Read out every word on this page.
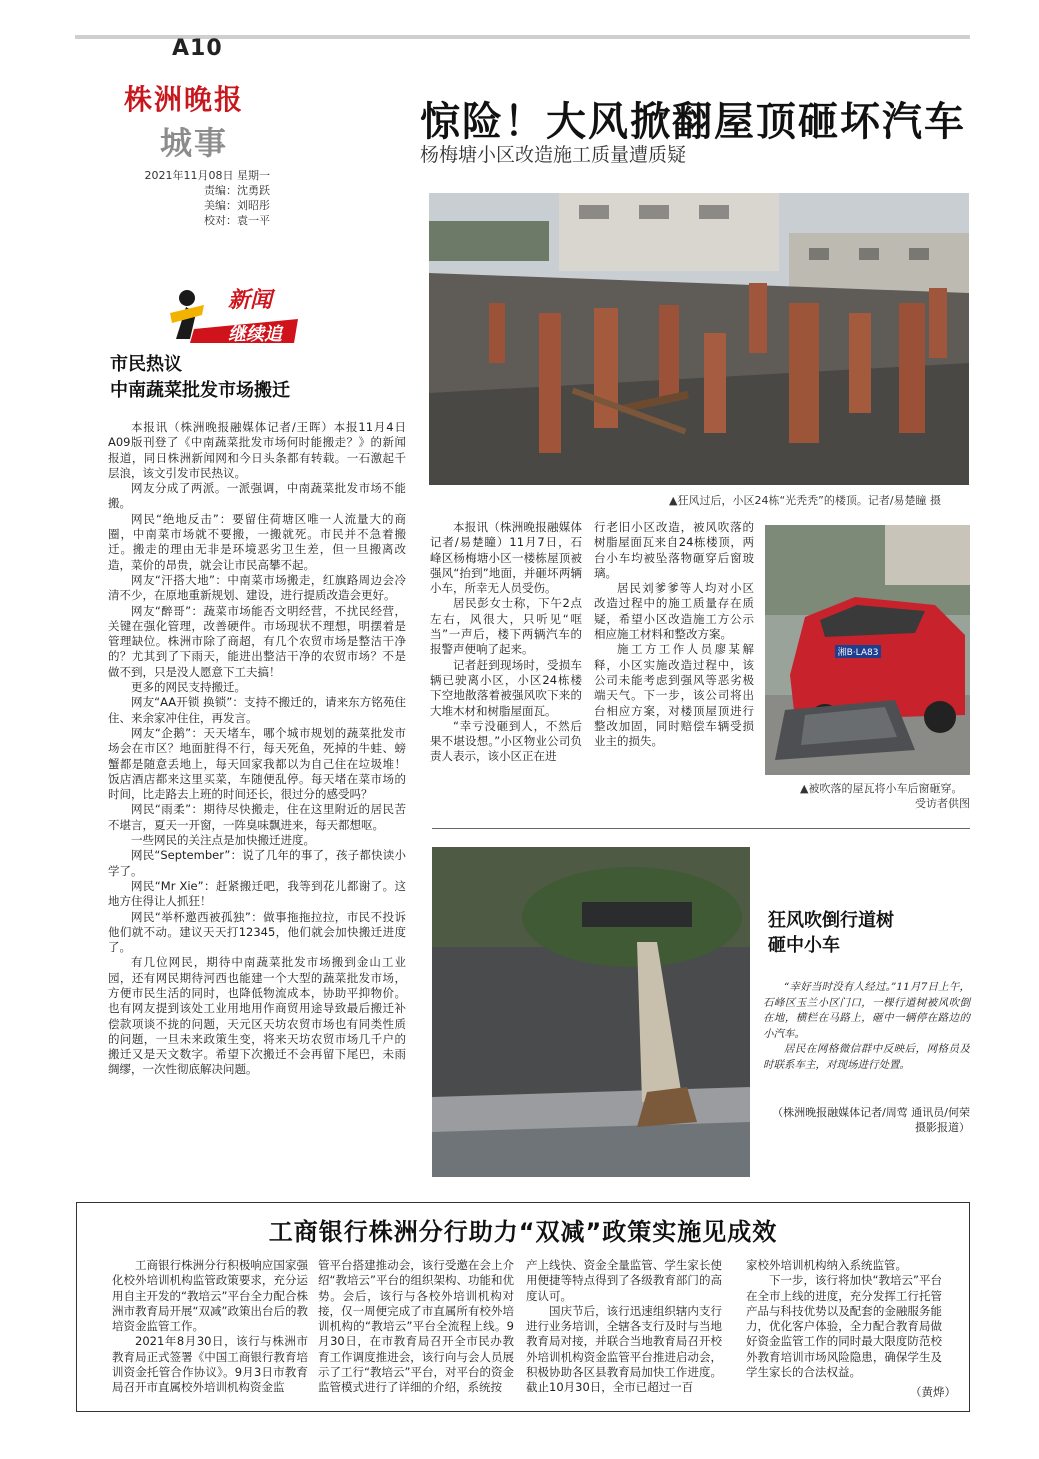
A10
株洲晚报
城事
2021年11月08日 星期一
责编：沈勇跃
美编：刘昭彤
校对：袁一平
新闻
继续追
惊险！大风掀翻屋顶砸坏汽车
杨梅塘小区改造施工质量遭质疑
市民热议
中南蔬菜批发市场搬迁

本报讯（株洲晚报融媒体记者/王晖）本报11月4日A09版刊登了《中南蔬菜批发市场何时能搬走？》的新闻报道，同日株洲新闻网和今日头条都有转载。一石激起千层浪，该文引发市民热议。

网友分成了两派。一派强调，中南蔬菜批发市场不能搬。

网民“绝地反击”：要留住荷塘区唯一人流量大的商圈，中南菜市场就不要搬，一搬就死。市民并不急着搬迁。搬走的理由无非是环境恶劣卫生差，但一旦搬离改造，菜价的昂贵，就会让市民高攀不起。

网友“汗搭大地”：中南菜市场搬走，红旗路周边会冷清不少，在原地重新规划、建设，进行提质改造会更好。

网友“醉哥”：蔬菜市场能否文明经营，不扰民经营，关键在强化管理，改善硬件。市场现状不理想，明摆着是管理缺位。株洲市除了商超，有几个农贸市场是整洁干净的？尤其到了下雨天，能进出整洁干净的农贸市场？不是做不到，只是没人愿意下工夫搞！

更多的网民支持搬迁。

网友“AA开锁 换锁”：支持不搬迁的，请来东方铭苑住住、来余家冲住住，再发言。

网友“企鹅”：天天堵车，哪个城市规划的蔬菜批发市场会在市区？地面脏得不行，每天死鱼，死掉的牛蛙、螃蟹都是随意丢地上，每天回家我都以为自己住在垃圾堆！饭店酒店都来这里买菜，车随便乱停。每天堵在菜市场的时间，比走路去上班的时间还长，很过分的感受吗？

网民“雨柔”：期待尽快搬走，住在这里附近的居民苦不堪言，夏天一开窗，一阵臭味飘进来，每天都想呕。

一些网民的关注点是加快搬迁进度。

网民“September”：说了几年的事了，孩子都快读小学了。

网民“Mr Xie”：赶紧搬迁吧，我等到花儿都谢了。这地方住得让人抓狂！

网民“举杯邀西被孤独”：做事拖拖拉拉，市民不投诉他们就不动。建议天天打12345，他们就会加快搬迁进度了。

有几位网民，期待中南蔬菜批发市场搬到金山工业园，还有网民期待河西也能建一个大型的蔬菜批发市场，方便市民生活的同时，也降低物流成本，协助平抑物价。也有网友提到该处工业用地用作商贸用途导致最后搬迁补偿款项谈不拢的问题，天元区天坊农贸市场也有同类性质的问题，一旦未来政策生变，将来天坊农贸市场几千户的搬迁又是天文数字。希望下次搬迁不会再留下尾巴，未雨绸缪，一次性彻底解决问题。

▲狂风过后，小区24栋“光秃秃”的楼顶。记者/易楚瞳 摄

本报讯（株洲晚报融媒体记者/易楚瞳）11月7日，石峰区杨梅塘小区一楼栋屋顶被强风“抬到”地面，并砸坏两辆小车，所幸无人员受伤。

居民彭女士称，下午2点左右，风很大，只听见“哐当”一声后，楼下两辆汽车的报警声便响了起来。

记者赶到现场时，受损车辆已驶离小区，小区24栋楼下空地散落着被强风吹下来的大堆木材和树脂屋面瓦。

“幸亏没砸到人，不然后果不堪设想。”小区物业公司负责人表示，该小区正在进

行老旧小区改造，被风吹落的树脂屋面瓦来自24栋楼顶，两台小车均被坠落物砸穿后窗玻璃。

居民刘爹爹等人均对小区改造过程中的施工质量存在质疑，希望小区改造施工方公示相应施工材料和整改方案。

施工方工作人员廖某解释，小区实施改造过程中，该公司未能考虑到强风等恶劣极端天气。下一步，该公司将出台相应方案，对楼顶屋顶进行整改加固，同时赔偿车辆受损业主的损失。

湘B·LA83
▲被吹落的屋瓦将小车后窗砸穿。
受访者供图
狂风吹倒行道树
砸中小车

“幸好当时没有人经过。”11月7日上午，石峰区玉兰小区门口，一棵行道树被风吹倒在地，横栏在马路上，砸中一辆停在路边的小汽车。

居民在网格微信群中反映后，网格员及时联系车主，对现场进行处置。

（株洲晚报融媒体记者/周莺 通讯员/何荣 摄影报道）
工商银行株洲分行助力“双减”政策实施见成效

工商银行株洲分行积极响应国家强化校外培训机构监管政策要求，充分运用自主开发的“教培云”平台全力配合株洲市教育局开展“双减”政策出台后的教培资金监管工作。

2021年8月30日，该行与株洲市教育局正式签署《中国工商银行教育培训资金托管合作协议》。9月3日市教育局召开市直属校外培训机构资金监

管平台搭建推动会，该行受邀在会上介绍“教培云”平台的组织架构、功能和优势。会后，该行与各校外培训机构对接，仅一周便完成了市直属所有校外培训机构的“教培云”平台全流程上线。9月30日，在市教育局召开全市民办教育工作调度推进会，该行向与会人员展示了工行“教培云”平台，对平台的资金监管模式进行了详细的介绍，系统按

产上线快、资金全量监管、学生家长使用便捷等特点得到了各级教育部门的高度认可。

国庆节后，该行迅速组织辖内支行进行业务培训，全辖各支行及时与当地教育局对接，并联合当地教育局召开校外培训机构资金监管平台推进启动会，积极协助各区县教育局加快工作进度。截止10月30日，全市已超过一百

家校外培训机构纳入系统监管。

下一步，该行将加快“教培云”平台在全市上线的进度，充分发挥工行托管产品与科技优势以及配套的金融服务能力，优化客户体验，全力配合教育局做好资金监管工作的同时最大限度防范校外教育培训市场风险隐患，确保学生及学生家长的合法权益。

（黄烨）
